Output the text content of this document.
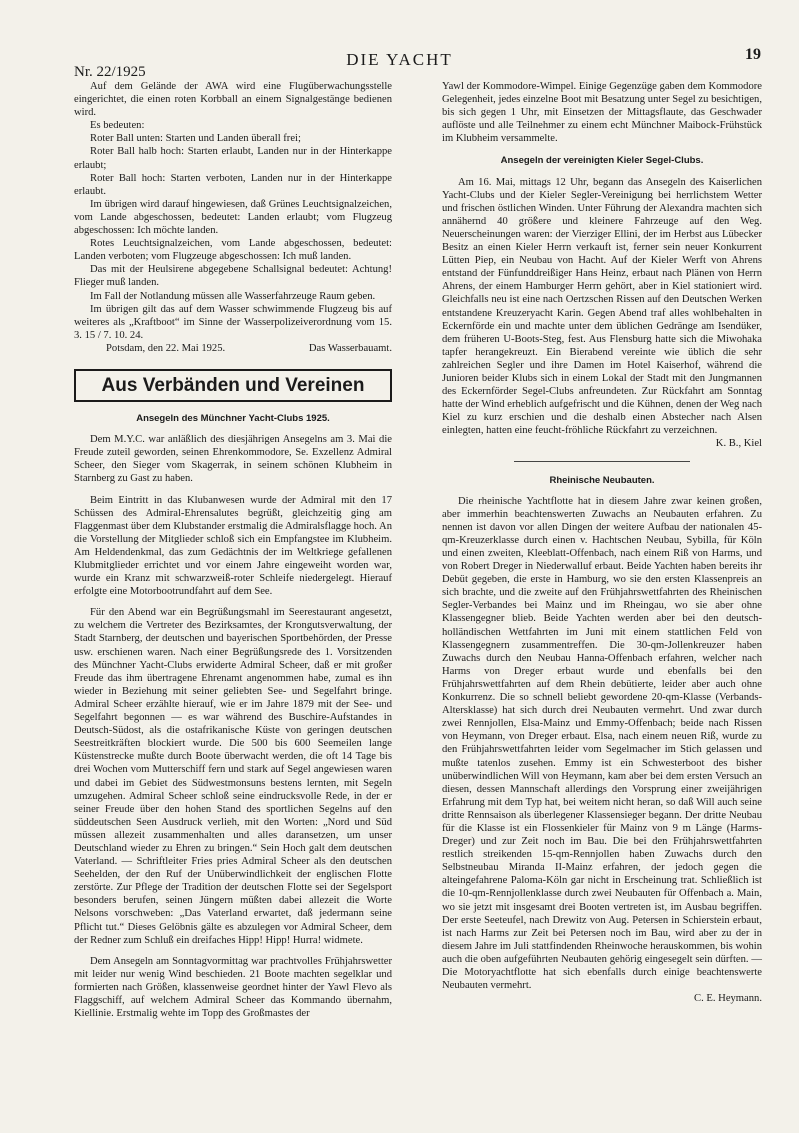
Nr. 22/1925
DIE YACHT	19

Auf dem Gelände der AWA wird eine Flugüberwachungsstelle eingerichtet, die einen roten Korbball an einem Signalgestänge bedienen wird.

Es bedeuten:

Roter Ball unten: Starten und Landen überall frei;

Roter Ball halb hoch: Starten erlaubt, Landen nur in der Hinterkappe erlaubt;

Roter Ball hoch: Starten verboten, Landen nur in der Hinterkappe erlaubt.

Im übrigen wird darauf hingewiesen, daß Grünes Leuchtsignalzeichen, vom Lande abgeschossen, bedeutet: Landen erlaubt; vom Flugzeug abgeschossen: Ich möchte landen.

Rotes Leuchtsignalzeichen, vom Lande abgeschossen, bedeutet: Landen verboten; vom Flugzeuge abgeschossen: Ich muß landen.

Das mit der Heulsirene abgegebene Schallsignal bedeutet: Achtung! Flieger muß landen.

Im Fall der Notlandung müssen alle Wasserfahrzeuge Raum geben.

Im übrigen gilt das auf dem Wasser schwimmende Flugzeug bis auf weiteres als „Kraftboot“ im Sinne der Wasserpolizeiverordnung vom 15. 3. 15 / 7. 10. 24.

Potsdam, den 22. Mai 1925.	Das Wasserbauamt.

Aus Verbänden und Vereinen
Ansegeln des Münchner Yacht-Clubs 1925.

Dem M.Y.C. war anläßlich des diesjährigen Ansegelns am 3. Mai die Freude zuteil geworden, seinen Ehrenkommodore, Se. Exzellenz Admiral Scheer, den Sieger vom Skagerrak, in seinem schönen Klubheim in Starnberg zu Gast zu haben.

Beim Eintritt in das Klubanwesen wurde der Admiral mit den 17 Schüssen des Admiral-Ehrensalutes begrüßt, gleichzeitig ging am Flaggenmast über dem Klubstander erstmalig die Admiralsflagge hoch. An die Vorstellung der Mitglieder schloß sich ein Empfangstee im Klubheim. Am Heldendenkmal, das zum Gedächtnis der im Weltkriege gefallenen Klubmitglieder errichtet und vor einem Jahre eingeweiht worden war, wurde ein Kranz mit schwarzweiß-roter Schleife niedergelegt. Hierauf erfolgte eine Motorbootrundfahrt auf dem See.

Für den Abend war ein Begrüßungsmahl im Seerestaurant angesetzt, zu welchem die Vertreter des Bezirksamtes, der Krongutsverwaltung, der Stadt Starnberg, der deutschen und bayerischen Sportbehörden, der Presse usw. erschienen waren. Nach einer Begrüßungsrede des 1. Vorsitzenden des Münchner Yacht-Clubs erwiderte Admiral Scheer, daß er mit großer Freude das ihm übertragene Ehrenamt angenommen habe, zumal es ihn wieder in Beziehung mit seiner geliebten See- und Segelfahrt bringe. Admiral Scheer erzählte hierauf, wie er im Jahre 1879 mit der See- und Segelfahrt begonnen — es war während des Buschire-Aufstandes in Deutsch-Südost, als die ostafrikanische Küste von geringen deutschen Seestreitkräften blockiert wurde. Die 500 bis 600 Seemeilen lange Küstenstrecke mußte durch Boote überwacht werden, die oft 14 Tage bis drei Wochen vom Mutterschiff fern und stark auf Segel angewiesen waren und dabei im Gebiet des Südwestmonsuns bestens lernten, mit Segeln umzugehen. Admiral Scheer schloß seine eindrucksvolle Rede, in der er seiner Freude über den hohen Stand des sportlichen Segelns auf den süddeutschen Seen Ausdruck verlieh, mit den Worten: „Nord und Süd müssen allezeit zusammenhalten und alles daransetzen, um unser Deutschland wieder zu Ehren zu bringen.“ Sein Hoch galt dem deutschen Vaterland. — Schriftleiter Fries pries Admiral Scheer als den deutschen Seehelden, der den Ruf der Unüberwindlichkeit der englischen Flotte zerstörte. Zur Pflege der Tradition der deutschen Flotte sei der Segelsport besonders berufen, seinen Jüngern müßten dabei allezeit die Worte Nelsons vorschweben: „Das Vaterland erwartet, daß jedermann seine Pflicht tut.“ Dieses Gelöbnis gälte es abzulegen vor Admiral Scheer, dem der Redner zum Schluß ein dreifaches Hipp! Hipp! Hurra! widmete.

Dem Ansegeln am Sonntagvormittag war prachtvolles Frühjahrswetter mit leider nur wenig Wind beschieden. 21 Boote machten segelklar und formierten nach Größen, klassenweise geordnet hinter der Yawl Flevo als Flaggschiff, auf welchem Admiral Scheer das Kommando übernahm, Kiellinie. Erstmalig wehte im Topp des Großmastes der

Yawl der Kommodore-Wimpel. Einige Gegenzüge gaben dem Kommodore Gelegenheit, jedes einzelne Boot mit Besatzung unter Segel zu besichtigen, bis sich gegen 1 Uhr, mit Einsetzen der Mittagsflaute, das Geschwader auflöste und alle Teilnehmer zu einem echt Münchner Maibock-Frühstück im Klubheim versammelte.

Ansegeln der vereinigten Kieler Segel-Clubs.

Am 16. Mai, mittags 12 Uhr, begann das Ansegeln des Kaiserlichen Yacht-Clubs und der Kieler Segler-Vereinigung bei herrlichstem Wetter und frischen östlichen Winden. Unter Führung der Alexandra machten sich annähernd 40 größere und kleinere Fahrzeuge auf den Weg. Neuerscheinungen waren: der Vierziger Ellini, der im Herbst aus Lübecker Besitz an einen Kieler Herrn verkauft ist, ferner sein neuer Konkurrent Lütten Piep, ein Neubau von Hacht. Auf der Kieler Werft von Ahrens entstand der Fünfunddreißiger Hans Heinz, erbaut nach Plänen von Herrn Ahrens, der einem Hamburger Herrn gehört, aber in Kiel stationiert wird. Gleichfalls neu ist eine nach Oertzschen Rissen auf den Deutschen Werken entstandene Kreuzeryacht Karin. Gegen Abend traf alles wohlbehalten in Eckernförde ein und machte unter dem üblichen Gedränge am Isendüker, dem früheren U-Boots-Steg, fest. Aus Flensburg hatte sich die Miwohaka tapfer herangekreuzt. Ein Bierabend vereinte wie üblich die sehr zahlreichen Segler und ihre Damen im Hotel Kaiserhof, während die Junioren beider Klubs sich in einem Lokal der Stadt mit den Jungmannen des Eckernförder Segel-Clubs anfreundeten. Zur Rückfahrt am Sonntag hatte der Wind erheblich aufgefrischt und die Kühnen, denen der Weg nach Kiel zu kurz erschien und die deshalb einen Abstecher nach Alsen einlegten, hatten eine feucht-fröhliche Rückfahrt zu verzeichnen.

K. B., Kiel

Rheinische Neubauten.

Die rheinische Yachtflotte hat in diesem Jahre zwar keinen großen, aber immerhin beachtenswerten Zuwachs an Neubauten erfahren. Zu nennen ist davon vor allen Dingen der weitere Aufbau der nationalen 45-qm-Kreuzerklasse durch einen v. Hachtschen Neubau, Sybilla, für Köln und einen zweiten, Kleeblatt-Offenbach, nach einem Riß von Harms, und von Robert Dreger in Niederwalluf erbaut. Beide Yachten haben bereits ihr Debüt gegeben, die erste in Hamburg, wo sie den ersten Klassenpreis an sich brachte, und die zweite auf den Frühjahrswettfahrten des Rheinischen Segler-Verbandes bei Mainz und im Rheingau, wo sie aber ohne Klassengegner blieb. Beide Yachten werden aber bei den deutsch-holländischen Wettfahrten im Juni mit einem stattlichen Feld von Klassengegnern zusammentreffen. Die 30-qm-Jollenkreuzer haben Zuwachs durch den Neubau Hanna-Offenbach erfahren, welcher nach Harms von Dreger erbaut wurde und ebenfalls bei den Frühjahrswettfahrten auf dem Rhein debütierte, leider aber auch ohne Konkurrenz. Die so schnell beliebt gewordene 20-qm-Klasse (Verbands-Altersklasse) hat sich durch drei Neubauten vermehrt. Und zwar durch zwei Rennjollen, Elsa-Mainz und Emmy-Offenbach; beide nach Rissen von Heymann, von Dreger erbaut. Elsa, nach einem neuen Riß, wurde zu den Frühjahrswettfahrten leider vom Segelmacher im Stich gelassen und mußte tatenlos zusehen. Emmy ist ein Schwesterboot des bisher unüberwindlichen Will von Heymann, kam aber bei dem ersten Versuch an diesen, dessen Mannschaft allerdings den Vorsprung einer zweijährigen Erfahrung mit dem Typ hat, bei weitem nicht heran, so daß Will auch seine dritte Rennsaison als überlegener Klassensieger begann. Der dritte Neubau für die Klasse ist ein Flossenkieler für Mainz von 9 m Länge (Harms-Dreger) und zur Zeit noch im Bau. Die bei den Frühjahrswettfahrten restlich streikenden 15-qm-Rennjollen haben Zuwachs durch den Selbstneubau Miranda II-Mainz erfahren, der jedoch gegen die alteingefahrene Paloma-Köln gar nicht in Erscheinung trat. Schließlich ist die 10-qm-Rennjollenklasse durch zwei Neubauten für Offenbach a. Main, wo sie jetzt mit insgesamt drei Booten vertreten ist, im Ausbau begriffen. Der erste Seeteufel, nach Drewitz von Aug. Petersen in Schierstein erbaut, ist nach Harms zur Zeit bei Petersen noch im Bau, wird aber zu der in diesem Jahre im Juli stattfindenden Rheinwoche herauskommen, bis wohin auch die oben aufgeführten Neubauten gehörig eingesegelt sein dürften. — Die Motoryachtflotte hat sich ebenfalls durch einige beachtenswerte Neubauten vermehrt.

C. E. Heymann.
